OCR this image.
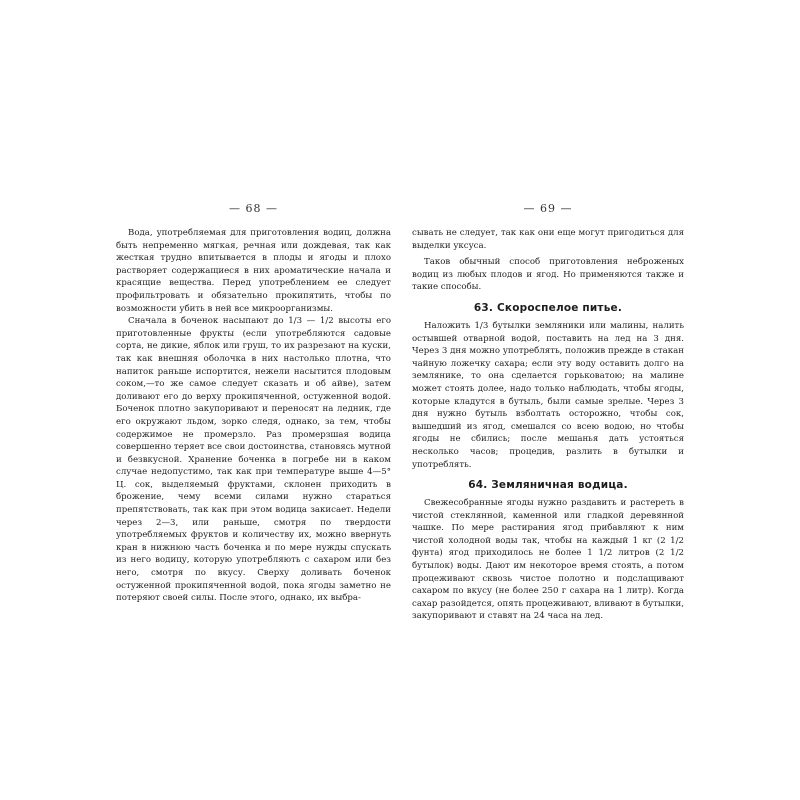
— 68 —

Вода, употребляемая для приготовления водиц, должна быть непременно мягкая, речная или дождевая, так как жесткая трудно впитывается в плоды и ягоды и плохо растворяет содержащиеся в них ароматические начала и красящие вещества. Перед употреблением ее следует профильтровать и обязательно прокипятить, чтобы по возможности убить в ней все микроорганизмы.

Сначала в боченок насыпают до 1/3 — 1/2 высоты его приготовленные фрукты (если употребляются садовые сорта, не дикие, яблок или груш, то их разрезают на куски, так как внешняя оболочка в них настолько плотна, что напиток раньше испортится, нежели насытится плодовым соком,—то же самое следует сказать и об айве), затем доливают его до верху прокипяченной, остуженной водой. Боченок плотно закупоривают и переносят на ледник, где его окружают льдом, зорко следя, однако, за тем, чтобы содержимое не промерзло. Раз промерзшая водица совершенно теряет все свои достоинства, становясь мутной и безвкусной. Хранение боченка в погребе ни в каком случае недопустимо, так как при температуре выше 4—5° Ц. сок, выделяемый фруктами, склонен приходить в брожение, чему всеми силами нужно стараться препятствовать, так как при этом водица закисает. Недели через 2—3, или раньше, смотря по твердости употребляемых фруктов и количеству их, можно ввернуть кран в нижнюю часть боченка и по мере нужды спускать из него водицу, которую употребляють с сахаром или без него, смотря по вкусу. Сверху доливать боченок остуженной прокипяченной водой, пока ягоды заметно не потеряют своей силы. После этого, однако, их выбра-

— 69 —

сывать не следует, так как они еще могут пригодиться для выделки уксуса.

Таков обычный способ приготовления неброженых водиц из любых плодов и ягод. Но применяются также и такие способы.

63. Скороспелое питье.

Наложить 1/3 бутылки земляники или малины, налить остывшей отварной водой, поставить на лед на 3 дня. Через 3 дня можно употреблять, положив прежде в стакан чайную ложечку сахара; если эту воду оставить долго на землянике, то она сделается горьковатою; на малине может стоять долее, надо только наблюдать, чтобы ягоды, которые кладутся в бутыль, были самые зрелые. Через 3 дня нужно бутыль взболтать осторожно, чтобы сок, вышедший из ягод, смешался со всею водою, но чтобы ягоды не сбились; после мешанья дать устояться несколько часов; процедив, разлить в бутылки и употреблять.

64. Земляничная водица.

Свежесобранные ягоды нужно раздавить и растереть в чистой стеклянной, каменной или гладкой деревянной чашке. По мере растирания ягод прибавляют к ним чистой холодной воды так, чтобы на каждый 1 кг (2 1/2 фунта) ягод приходилось не более 1 1/2 литров (2 1/2 бутылок) воды. Дают им некоторое время стоять, а потом процеживают сквозь чистое полотно и подслащивают сахаром по вкусу (не более 250 г сахара на 1 литр). Когда сахар разойдется, опять процеживают, вливают в бутылки, закупоривают и ставят на 24 часа на лед.
